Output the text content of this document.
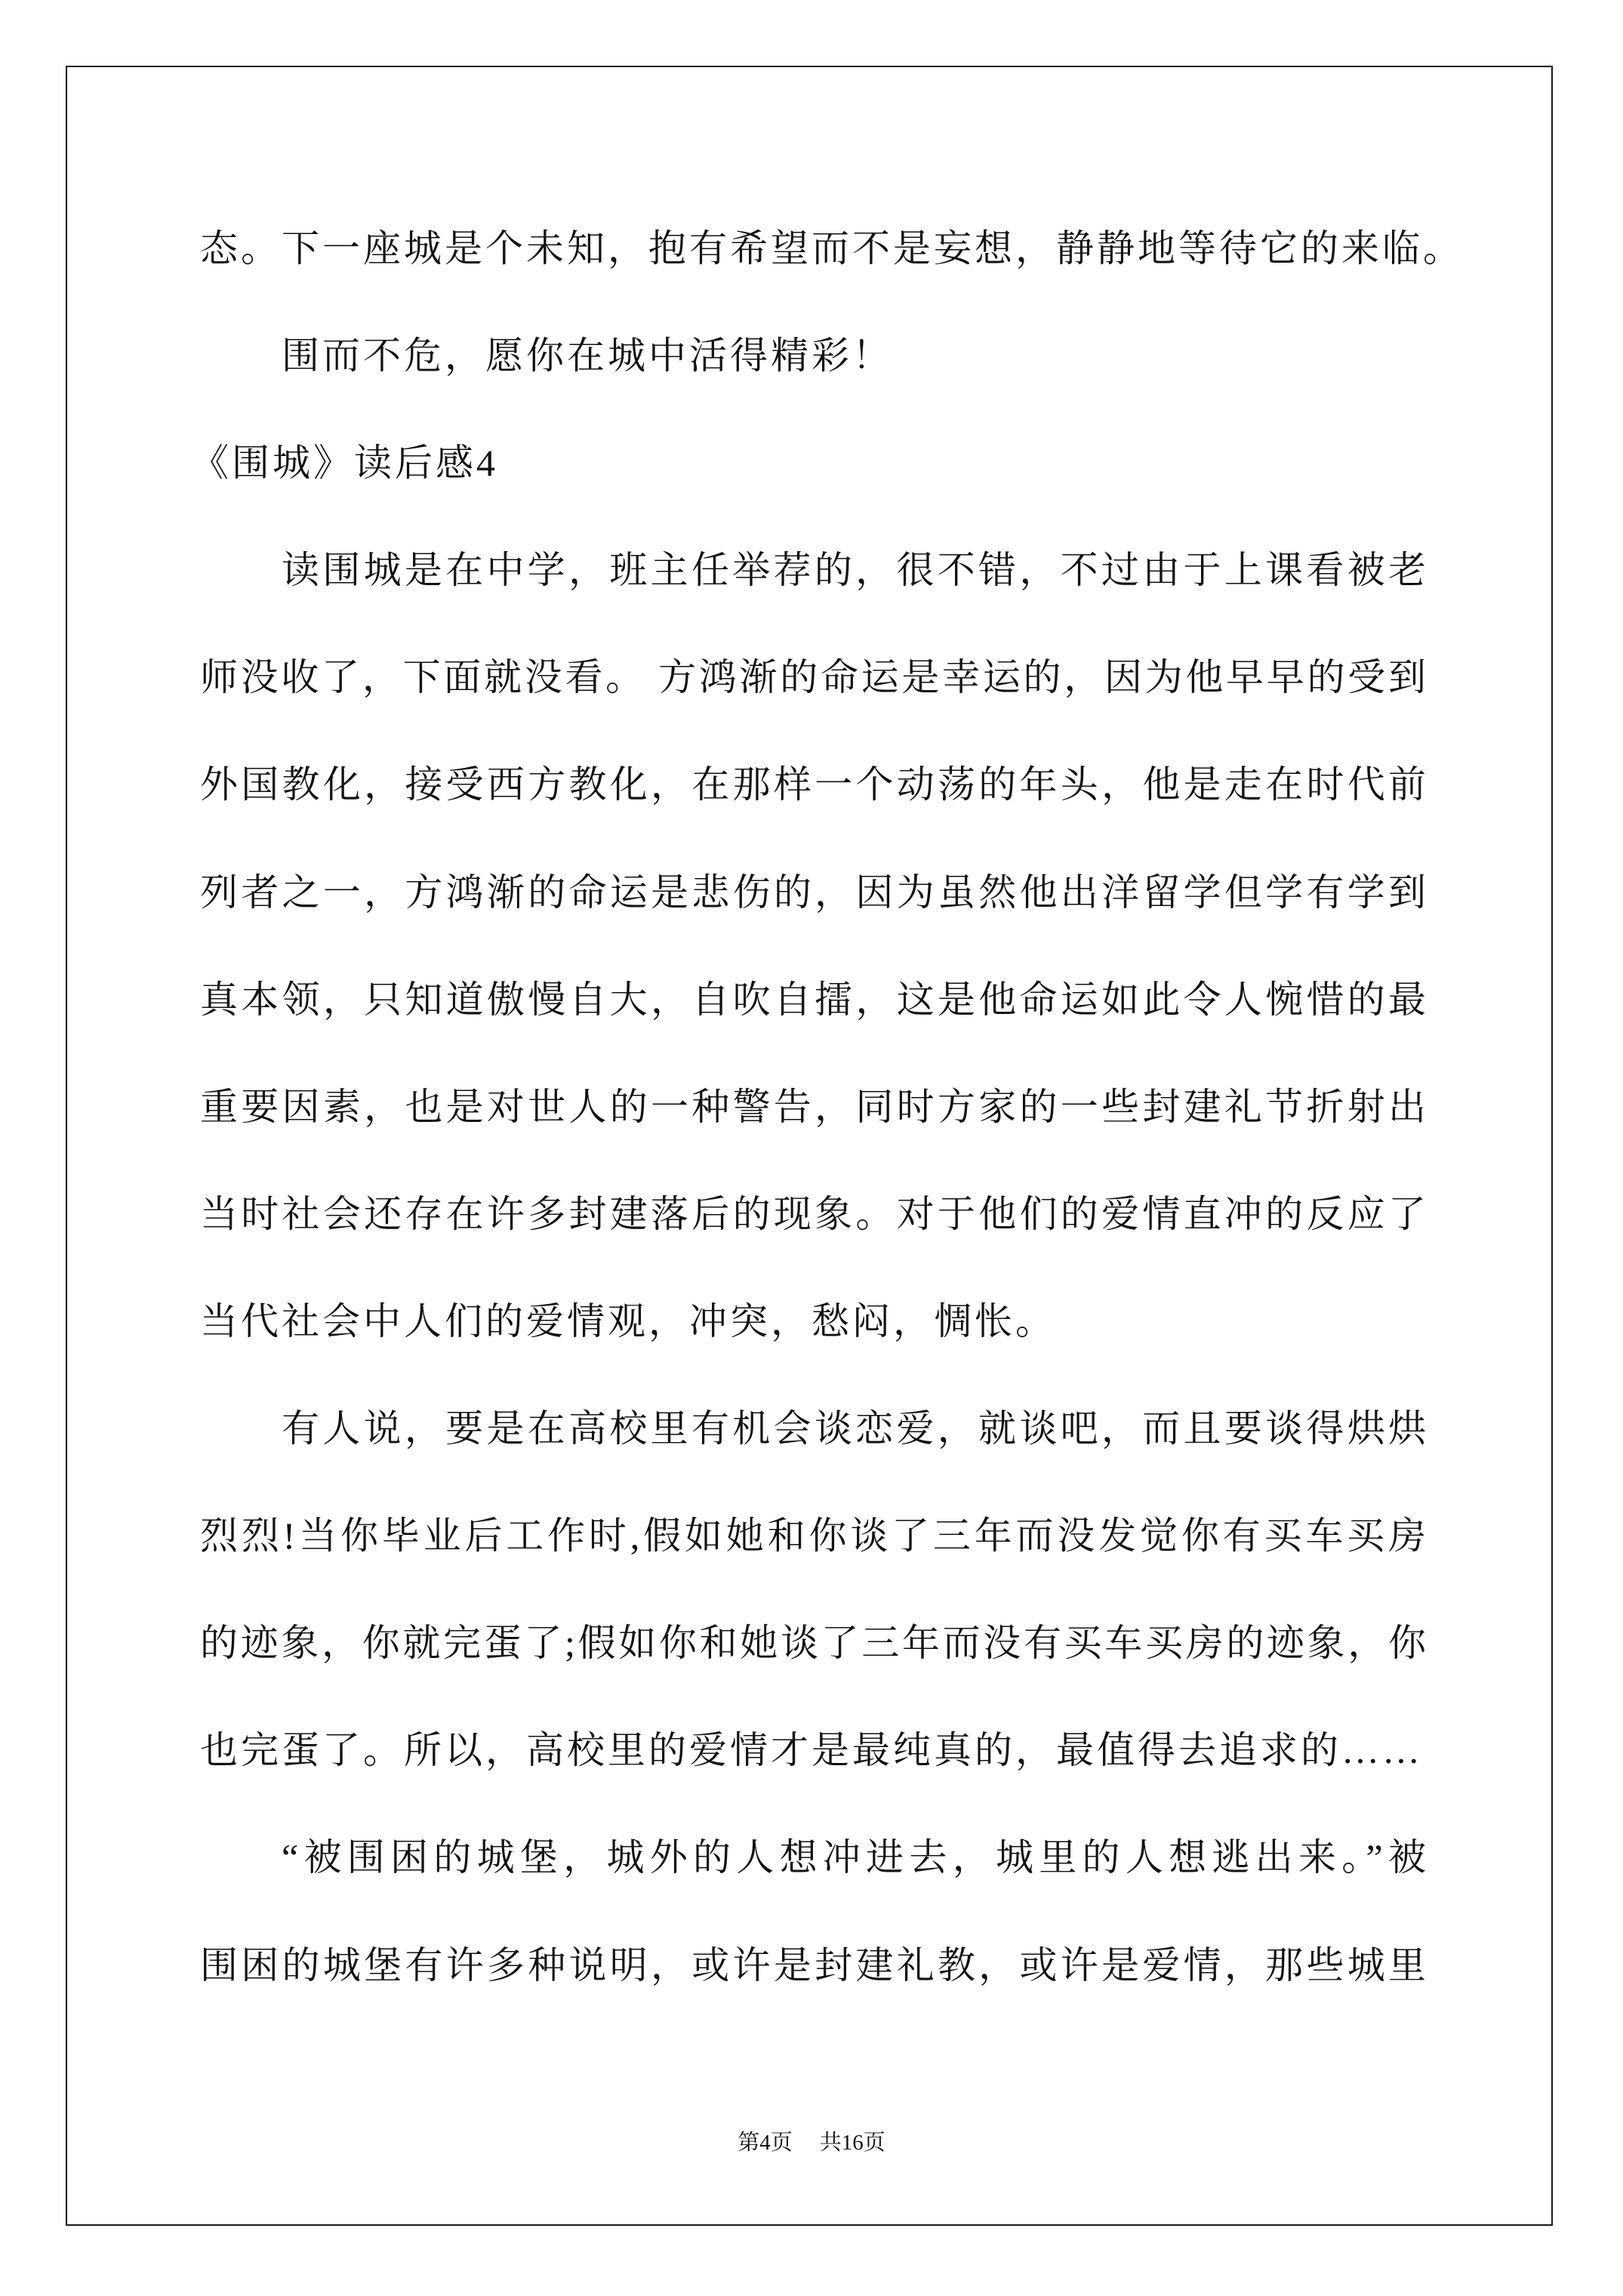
态。下一座城是个未知，抱有希望而不是妄想，静静地等待它的来临。
围而不危，愿你在城中活得精彩！
《围城》读后感4
读围城是在中学，班主任举荐的，很不错，不过由于上课看被老
师没收了，下面就没看。 方鸿渐的命运是幸运的，因为他早早的受到
外国教化，接受西方教化，在那样一个动荡的年头，他是走在时代前
列者之一，方鸿渐的命运是悲伤的，因为虽然他出洋留学但学有学到
真本领，只知道傲慢自大，自吹自擂，这是他命运如此令人惋惜的最
重要因素，也是对世人的一种警告，同时方家的一些封建礼节折射出
当时社会还存在许多封建落后的现象。对于他们的爱情直冲的反应了
当代社会中人们的爱情观，冲突，愁闷，惆怅。
有人说，要是在高校里有机会谈恋爱，就谈吧，而且要谈得烘烘
烈烈!当你毕业后工作时,假如她和你谈了三年而没发觉你有买车买房
的迹象，你就完蛋了;假如你和她谈了三年而没有买车买房的迹象，你
也完蛋了。所以，高校里的爱情才是最纯真的，最值得去追求的……
“被围困的城堡，城外的人想冲进去，城里的人想逃出来。”被
围困的城堡有许多种说明，或许是封建礼教，或许是爱情，那些城里
第4页 共16页
